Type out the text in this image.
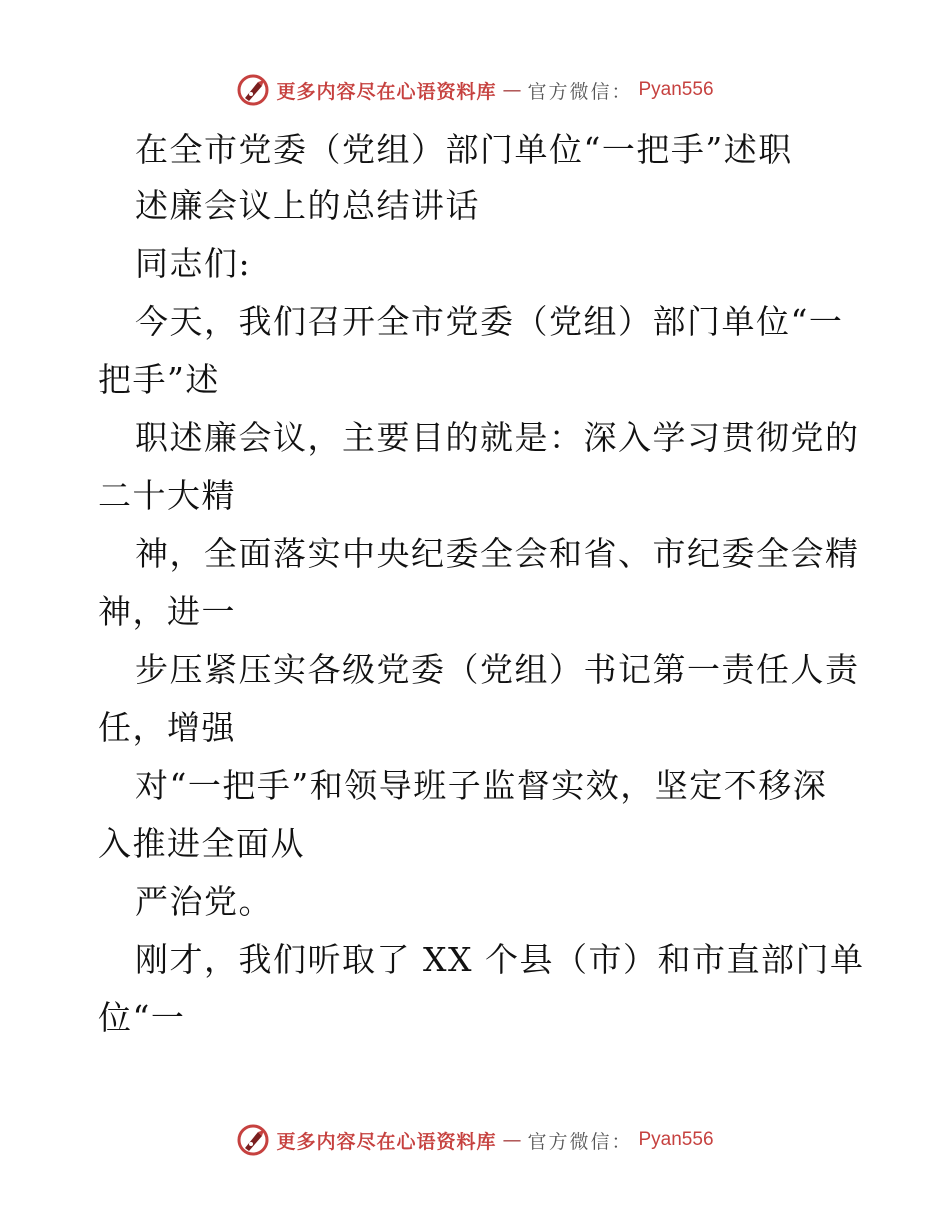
更多内容尽在心语资料库 — 官方微信： Pyan556
在全市党委（党组）部门单位“一把手”述职
述廉会议上的总结讲话
同志们:
今天，我们召开全市党委（党组）部门单位“一
把手”述
职述廉会议，主要目的就是：深入学习贯彻党的
二十大精
神，全面落实中央纪委全会和省、市纪委全会精
神，进一
步压紧压实各级党委（党组）书记第一责任人责
任，增强
对“一把手”和领导班子监督实效，坚定不移深
入推进全面从
严治党。
刚才，我们听取了 XX 个县（市）和市直部门单
位“一
更多内容尽在心语资料库 — 官方微信： Pyan556
